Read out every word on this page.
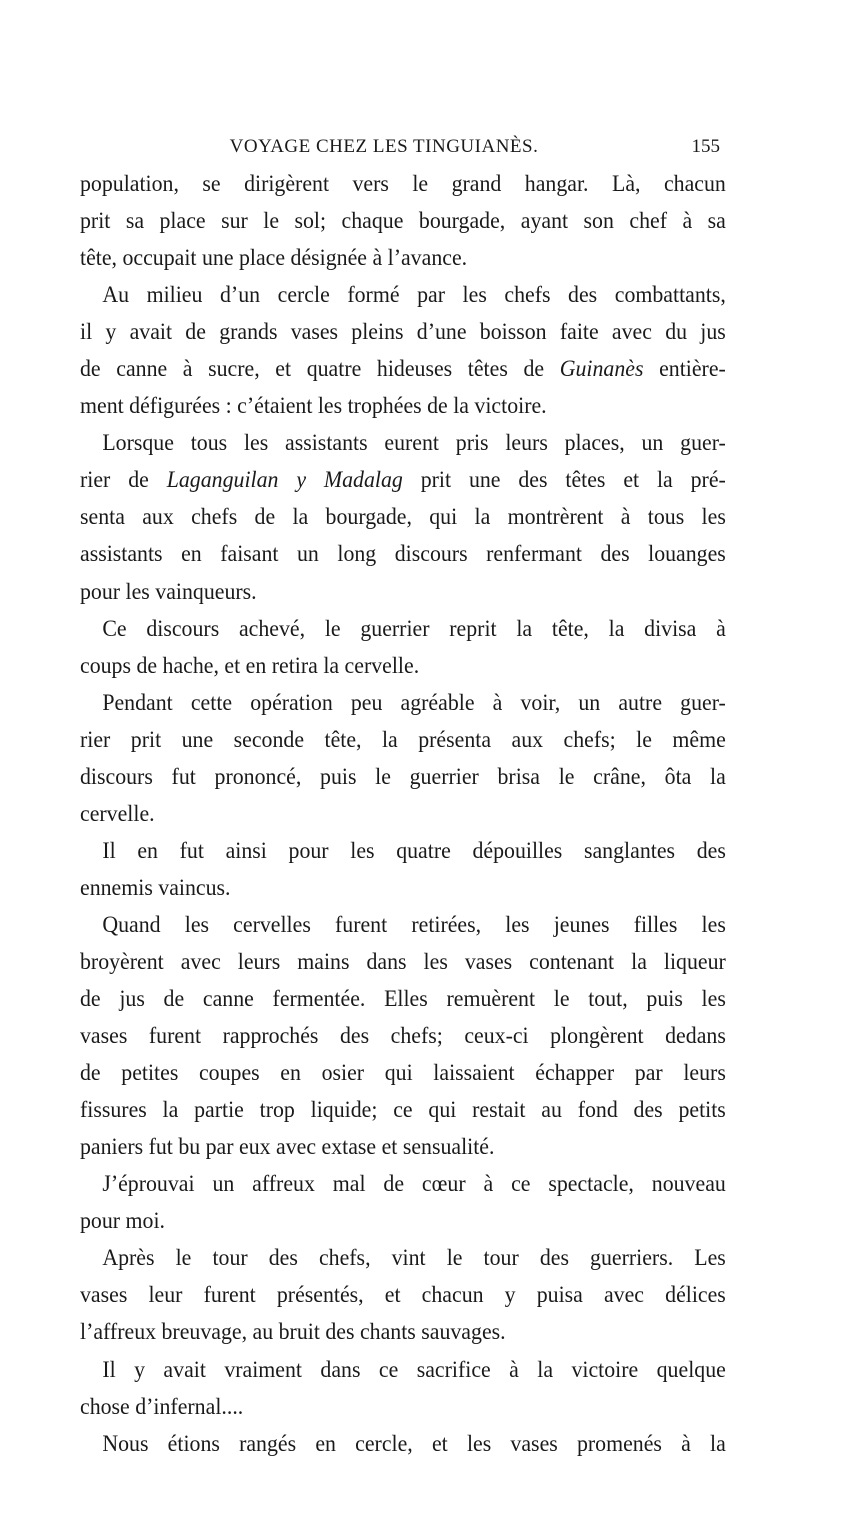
VOYAGE CHEZ LES TINGUIANÈS.	155
population, se dirigèrent vers le grand hangar. Là, chacun
prit sa place sur le sol; chaque bourgade, ayant son chef à sa
tête, occupait une place désignée à l’avance.
Au milieu d’un cercle formé par les chefs des combattants,
il y avait de grands vases pleins d’une boisson faite avec du jus
de canne à sucre, et quatre hideuses têtes de Guinanès entière-
ment défigurées : c’étaient les trophées de la victoire.
Lorsque tous les assistants eurent pris leurs places, un guer-
rier de Laganguilan y Madalag prit une des têtes et la pré-
senta aux chefs de la bourgade, qui la montrèrent à tous les
assistants en faisant un long discours renfermant des louanges
pour les vainqueurs.
Ce discours achevé, le guerrier reprit la tête, la divisa à
coups de hache, et en retira la cervelle.
Pendant cette opération peu agréable à voir, un autre guer-
rier prit une seconde tête, la présenta aux chefs; le même
discours fut prononcé, puis le guerrier brisa le crâne, ôta la
cervelle.
Il en fut ainsi pour les quatre dépouilles sanglantes des
ennemis vaincus.
Quand les cervelles furent retirées, les jeunes filles les
broyèrent avec leurs mains dans les vases contenant la liqueur
de jus de canne fermentée. Elles remuèrent le tout, puis les
vases furent rapprochés des chefs; ceux-ci plongèrent dedans
de petites coupes en osier qui laissaient échapper par leurs
fissures la partie trop liquide; ce qui restait au fond des petits
paniers fut bu par eux avec extase et sensualité.
J’éprouvai un affreux mal de cœur à ce spectacle, nouveau
pour moi.
Après le tour des chefs, vint le tour des guerriers. Les
vases leur furent présentés, et chacun y puisa avec délices
l’affreux breuvage, au bruit des chants sauvages.
Il y avait vraiment dans ce sacrifice à la victoire quelque
chose d’infernal....
Nous étions rangés en cercle, et les vases promenés à la
